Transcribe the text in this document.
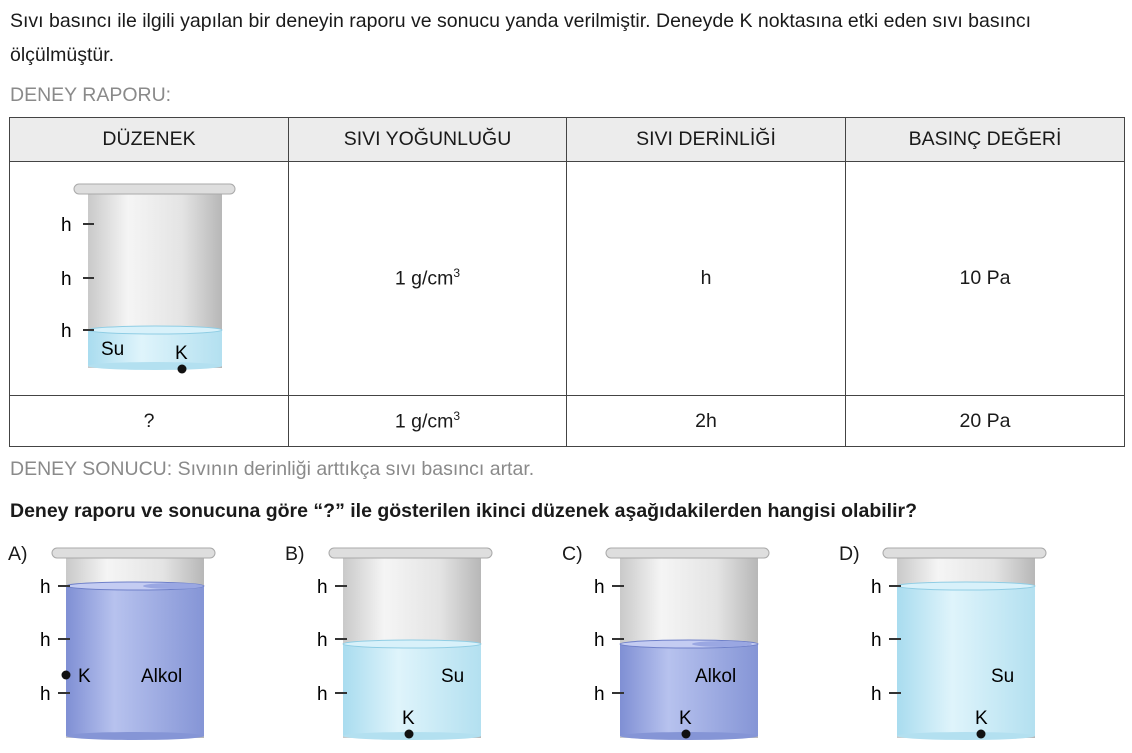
Sıvı basıncı ile ilgili yapılan bir deneyin raporu ve sonucu yanda verilmiştir. Deneyde K noktasına etki eden sıvı basıncı ölçülmüştür.

DENEY RAPORU:

DÜZENEK	SIVI YOĞUNLUĞU	SIVI DERİNLİĞİ	BASINÇ DEĞERİ

h
h
h
Su K	1 $g/cm^3$	h	10 Pa
?	1 $g/cm^3$	2h	20 Pa

DENEY SONUCU: Sıvının derinliği arttıkça sıvı basıncı artar.

Deney raporu ve sonucuna göre “?” ile gösterilen ikinci düzenek aşağıdakilerden hangisi olabilir?

A)
h
h
h
K	Alkol
B)
h
h
h
Su
K
C)
h
h
h
Alkol
K
D)
h
h
h
Su
K
